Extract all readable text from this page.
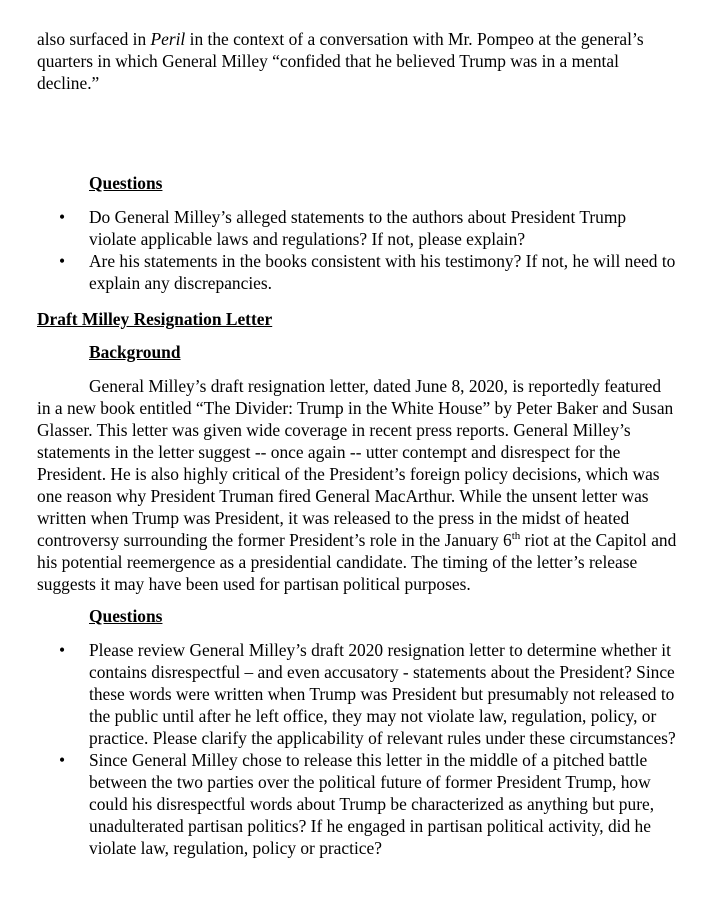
also surfaced in Peril in the context of a conversation with Mr. Pompeo at the general’s quarters in which General Milley “confided that he believed Trump was in a mental decline.”

Questions

• Do General Milley’s alleged statements to the authors about President Trump violate applicable laws and regulations? If not, please explain?
• Are his statements in the books consistent with his testimony? If not, he will need to explain any discrepancies.

Draft Milley Resignation Letter

Background

General Milley’s draft resignation letter, dated June 8, 2020, is reportedly featured in a new book entitled “The Divider: Trump in the White House” by Peter Baker and Susan Glasser. This letter was given wide coverage in recent press reports. General Milley’s statements in the letter suggest -- once again -- utter contempt and disrespect for the President. He is also highly critical of the President’s foreign policy decisions, which was one reason why President Truman fired General MacArthur. While the unsent letter was written when Trump was President, it was released to the press in the midst of heated controversy surrounding the former President’s role in the January 6th riot at the Capitol and his potential reemergence as a presidential candidate. The timing of the letter’s release suggests it may have been used for partisan political purposes.

Questions

• Please review General Milley’s draft 2020 resignation letter to determine whether it contains disrespectful – and even accusatory - statements about the President? Since these words were written when Trump was President but presumably not released to the public until after he left office, they may not violate law, regulation, policy, or practice. Please clarify the applicability of relevant rules under these circumstances?
• Since General Milley chose to release this letter in the middle of a pitched battle between the two parties over the political future of former President Trump, how could his disrespectful words about Trump be characterized as anything but pure, unadulterated partisan politics? If he engaged in partisan political activity, did he violate law, regulation, policy or practice?
